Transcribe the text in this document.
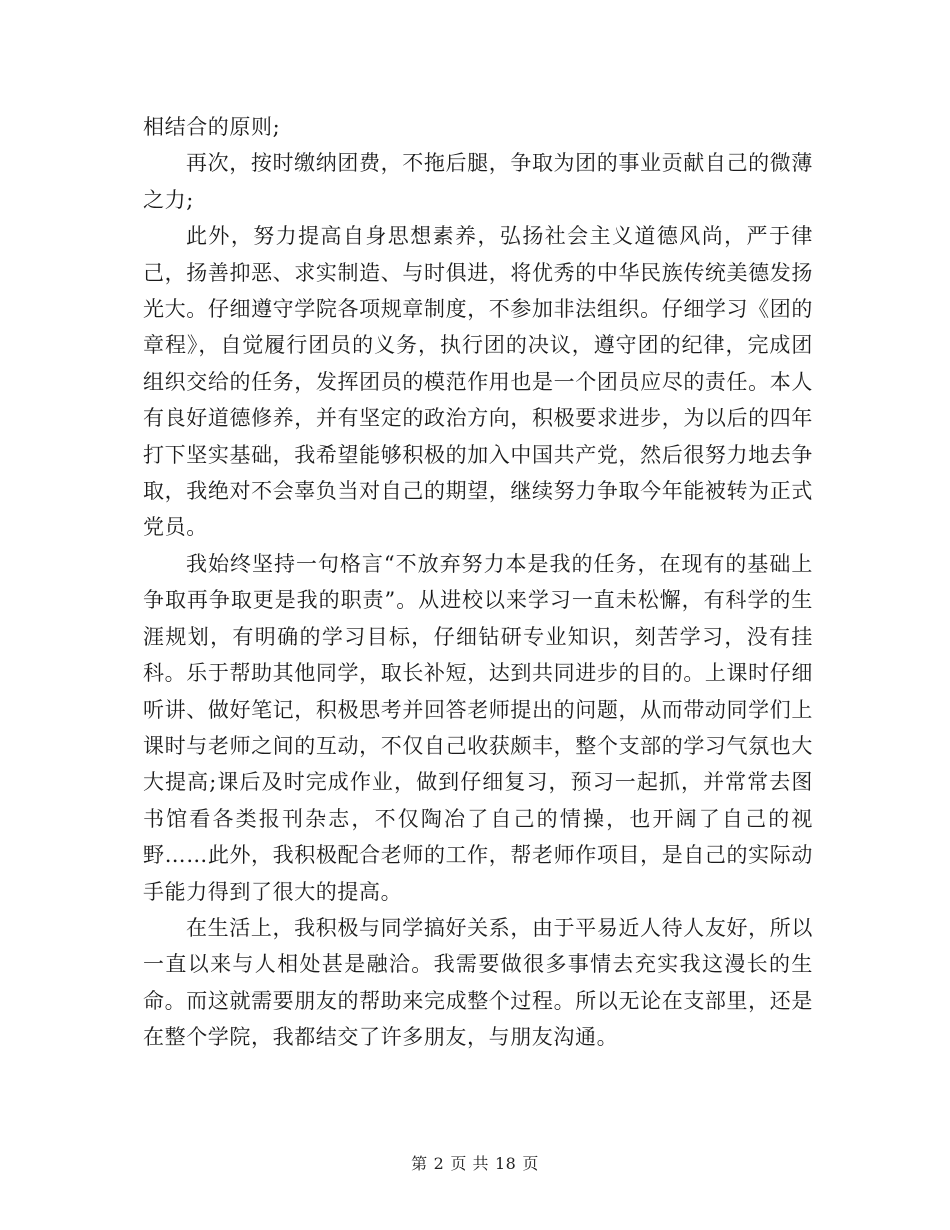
相结合的原则;

再次，按时缴纳团费，不拖后腿，争取为团的事业贡献自己的微薄之力;

此外，努力提高自身思想素养，弘扬社会主义道德风尚，严于律己，扬善抑恶、求实制造、与时俱进，将优秀的中华民族传统美德发扬光大。仔细遵守学院各项规章制度，不参加非法组织。仔细学习《团的章程》，自觉履行团员的义务，执行团的决议，遵守团的纪律，完成团组织交给的任务，发挥团员的模范作用也是一个团员应尽的责任。本人有良好道德修养，并有坚定的政治方向，积极要求进步，为以后的四年打下坚实基础，我希望能够积极的加入中国共产党，然后很努力地去争取，我绝对不会辜负当对自己的期望，继续努力争取今年能被转为正式党员。

我始终坚持一句格言“不放弃努力本是我的任务，在现有的基础上争取再争取更是我的职责”。从进校以来学习一直未松懈，有科学的生涯规划，有明确的学习目标，仔细钻研专业知识，刻苦学习，没有挂科。乐于帮助其他同学，取长补短，达到共同进步的目的。上课时仔细听讲、做好笔记，积极思考并回答老师提出的问题，从而带动同学们上课时与老师之间的互动，不仅自己收获颇丰，整个支部的学习气氛也大大提高;课后及时完成作业，做到仔细复习，预习一起抓，并常常去图书馆看各类报刊杂志，不仅陶冶了自己的情操，也开阔了自己的视野……此外，我积极配合老师的工作，帮老师作项目，是自己的实际动手能力得到了很大的提高。

在生活上，我积极与同学搞好关系，由于平易近人待人友好，所以一直以来与人相处甚是融洽。我需要做很多事情去充实我这漫长的生命。而这就需要朋友的帮助来完成整个过程。所以无论在支部里，还是在整个学院，我都结交了许多朋友，与朋友沟通。

第 2 页 共 18 页
